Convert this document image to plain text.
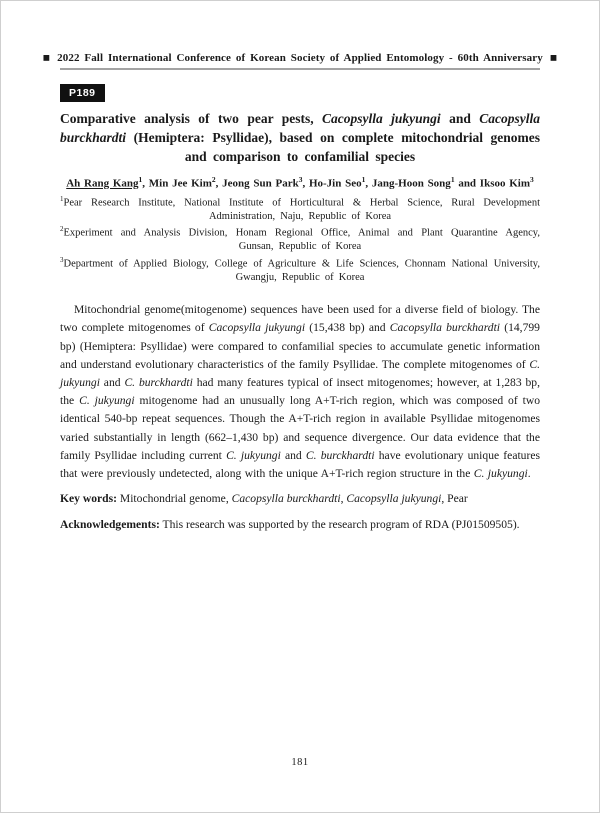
■ 2022 Fall International Conference of Korean Society of Applied Entomology - 60th Anniversary ■
P189
Comparative analysis of two pear pests, Cacopsylla jukyungi and Cacopsylla burckhardti (Hemiptera: Psyllidae), based on complete mitochondrial genomes and comparison to confamilial species
Ah Rang Kang$^1$, Min Jee Kim$^2$, Jeong Sun Park$^3$, Ho-Jin Seo$^1$, Jang-Hoon Song$^1$ and Iksoo Kim$^3$
$^1$Pear Research Institute, National Institute of Horticultural & Herbal Science, Rural Development Administration, Naju, Republic of Korea
$^2$Experiment and Analysis Division, Honam Regional Office, Animal and Plant Quarantine Agency, Gunsan, Republic of Korea
$^3$Department of Applied Biology, College of Agriculture & Life Sciences, Chonnam National University, Gwangju, Republic of Korea

Mitochondrial genome(mitogenome) sequences have been used for a diverse field of biology. The two complete mitogenomes of Cacopsylla jukyungi (15,438 bp) and Cacopsylla burckhardti (14,799 bp) (Hemiptera: Psyllidae) were compared to confamilial species to accumulate genetic information and understand evolutionary characteristics of the family Psyllidae. The complete mitogenomes of C. jukyungi and C. burckhardti had many features typical of insect mitogenomes; however, at 1,283 bp, the C. jukyungi mitogenome had an unusually long A+T-rich region, which was composed of two identical 540-bp repeat sequences. Though the A+T-rich region in available Psyllidae mitogenomes varied substantially in length (662–1,430 bp) and sequence divergence. Our data evidence that the family Psyllidae including current C. jukyungi and C. burckhardti have evolutionary unique features that were previously undetected, along with the unique A+T-rich region structure in the C. jukyungi.

Key words: Mitochondrial genome, Cacopsylla burckhardti, Cacopsylla jukyungi, Pear
Acknowledgements: This research was supported by the research program of RDA (PJ01509505).
181
